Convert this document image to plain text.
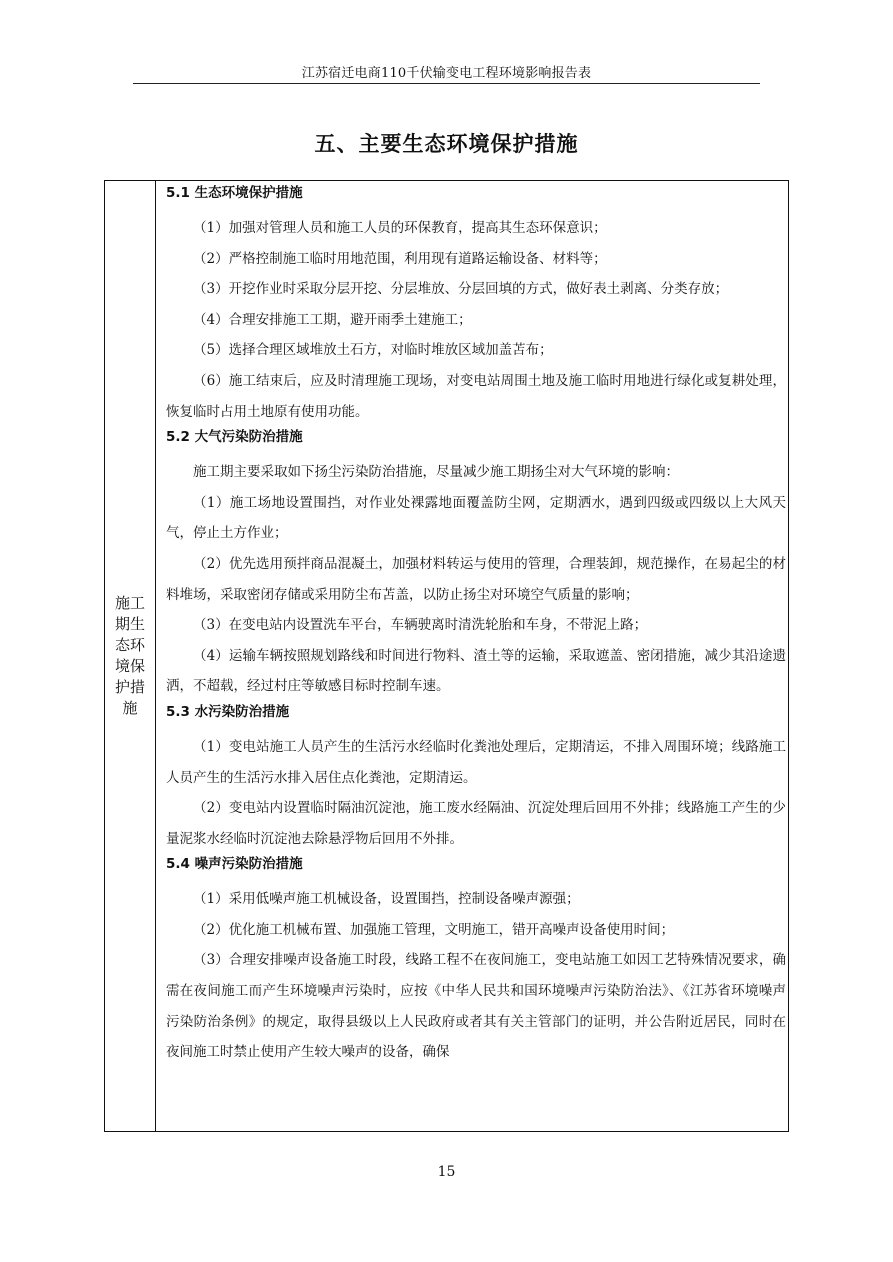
江苏宿迁电商110千伏输变电工程环境影响报告表
五、主要生态环境保护措施
施工期生态环境保护措施
5.1 生态环境保护措施

（1）加强对管理人员和施工人员的环保教育，提高其生态环保意识；

（2）严格控制施工临时用地范围，利用现有道路运输设备、材料等；

（3）开挖作业时采取分层开挖、分层堆放、分层回填的方式，做好表土剥离、分类存放；

（4）合理安排施工工期，避开雨季土建施工；

（5）选择合理区域堆放土石方，对临时堆放区域加盖苫布；

（6）施工结束后，应及时清理施工现场，对变电站周围土地及施工临时用地进行绿化或复耕处理，恢复临时占用土地原有使用功能。

5.2 大气污染防治措施

施工期主要采取如下扬尘污染防治措施，尽量减少施工期扬尘对大气环境的影响：

（1）施工场地设置围挡，对作业处裸露地面覆盖防尘网，定期洒水，遇到四级或四级以上大风天气，停止土方作业；

（2）优先选用预拌商品混凝土，加强材料转运与使用的管理，合理装卸，规范操作，在易起尘的材料堆场，采取密闭存储或采用防尘布苫盖，以防止扬尘对环境空气质量的影响；

（3）在变电站内设置洗车平台，车辆驶离时清洗轮胎和车身，不带泥上路；

（4）运输车辆按照规划路线和时间进行物料、渣土等的运输，采取遮盖、密闭措施，减少其沿途遗洒，不超载，经过村庄等敏感目标时控制车速。

5.3 水污染防治措施

（1）变电站施工人员产生的生活污水经临时化粪池处理后，定期清运，不排入周围环境；线路施工人员产生的生活污水排入居住点化粪池，定期清运。

（2）变电站内设置临时隔油沉淀池，施工废水经隔油、沉淀处理后回用不外排；线路施工产生的少量泥浆水经临时沉淀池去除悬浮物后回用不外排。

5.4 噪声污染防治措施

（1）采用低噪声施工机械设备，设置围挡，控制设备噪声源强；

（2）优化施工机械布置、加强施工管理，文明施工，错开高噪声设备使用时间；

（3）合理安排噪声设备施工时段，线路工程不在夜间施工，变电站施工如因工艺特殊情况要求，确需在夜间施工而产生环境噪声污染时，应按《中华人民共和国环境噪声污染防治法》、《江苏省环境噪声污染防治条例》的规定，取得县级以上人民政府或者其有关主管部门的证明，并公告附近居民，同时在夜间施工时禁止使用产生较大噪声的设备，确保

15
